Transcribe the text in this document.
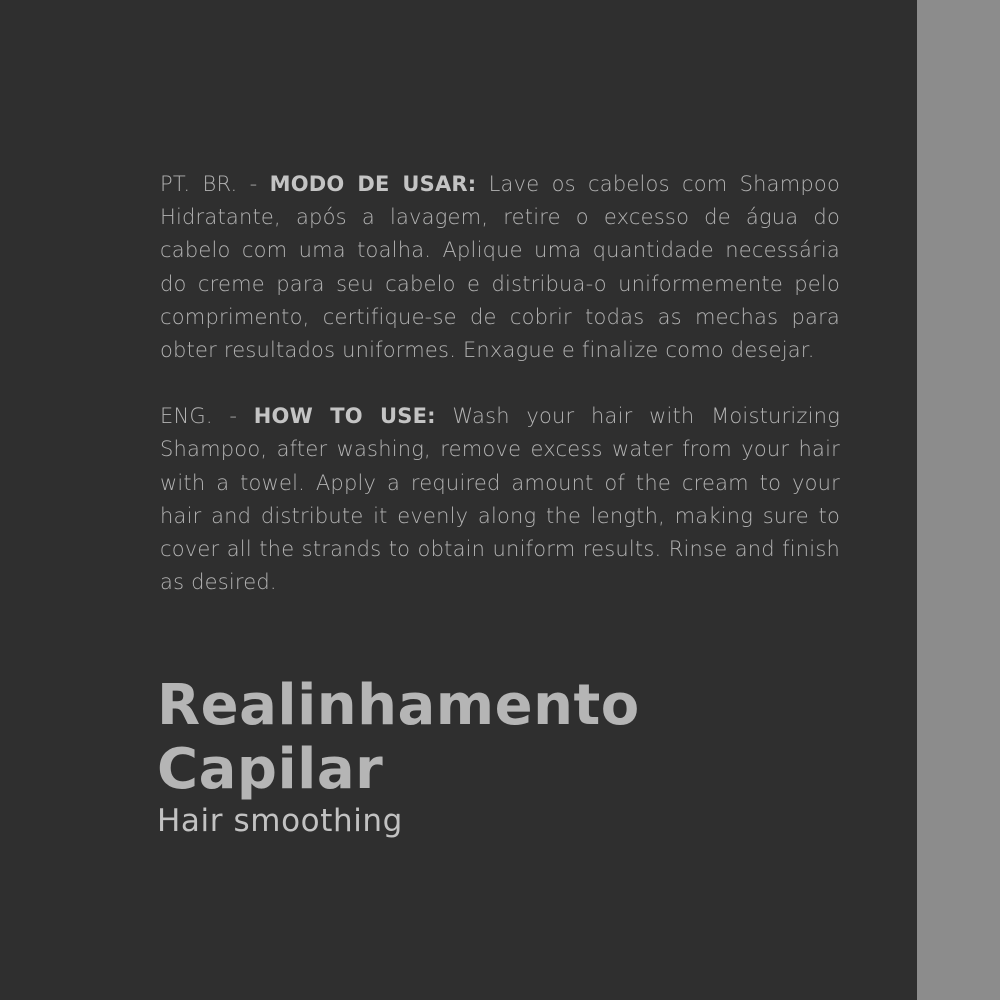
PT. BR. - MODO DE USAR: Lave os cabelos com Shampoo Hidratante, após a lavagem, retire o excesso de água do cabelo com uma toalha. Aplique uma quantidade necessária do creme para seu cabelo e distribua-o uniformemente pelo comprimento, certifique-se de cobrir todas as mechas para obter resultados uniformes. Enxague e finalize como desejar.

ENG. - HOW TO USE: Wash your hair with Moisturizing Shampoo, after washing, remove excess water from your hair with a towel. Apply a required amount of the cream to your hair and distribute it evenly along the length, making sure to cover all the strands to obtain uniform results. Rinse and finish as desired.

Realinhamento
Capilar
Hair smoothing
